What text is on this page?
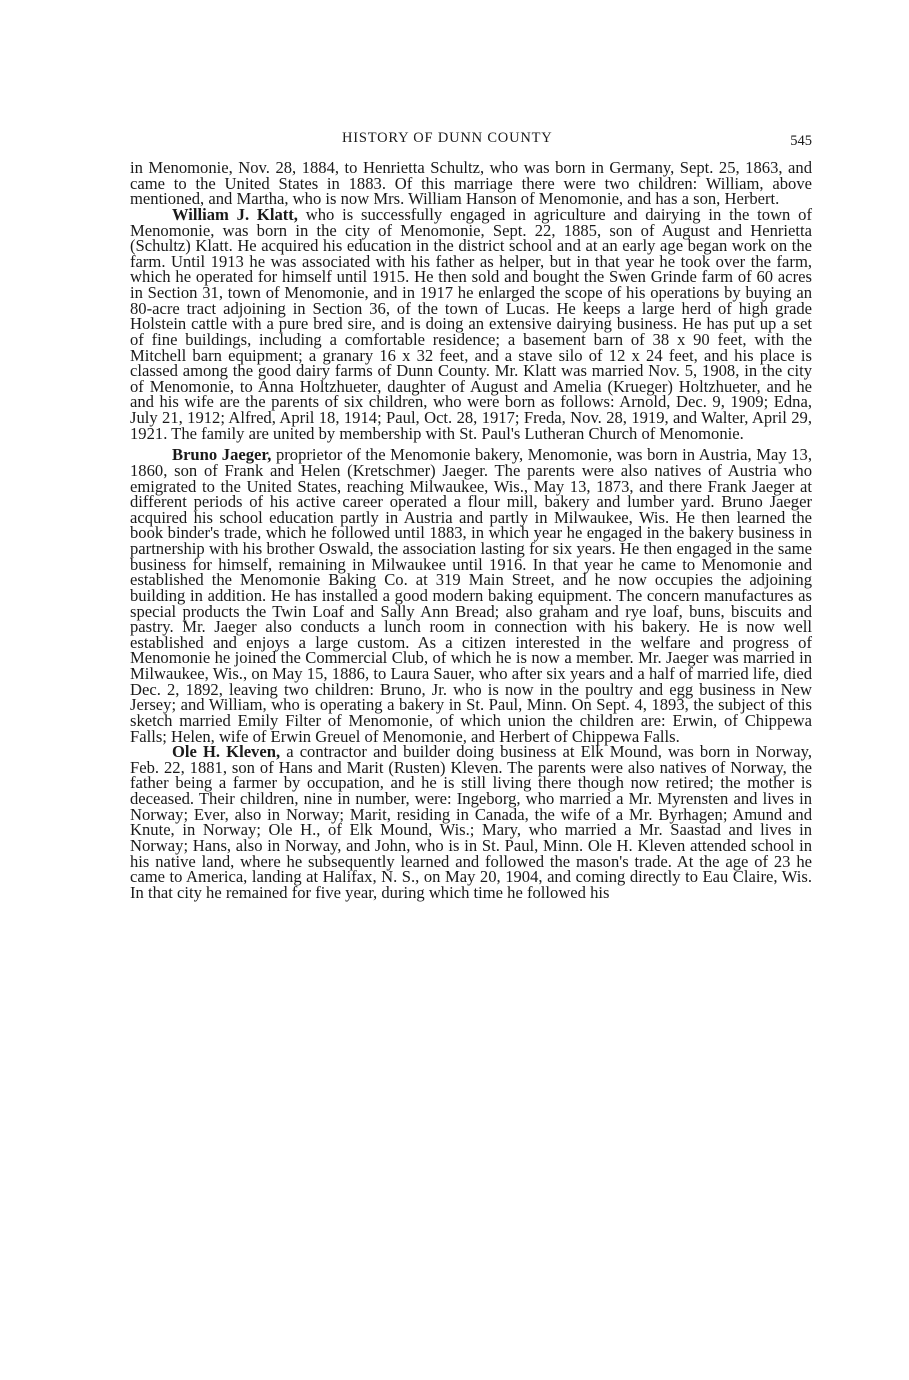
HISTORY OF DUNN COUNTY	545

in Menomonie, Nov. 28, 1884, to Henrietta Schultz, who was born in Germany, Sept. 25, 1863, and came to the United States in 1883. Of this marriage there were two children: William, above mentioned, and Martha, who is now Mrs. William Hanson of Menomonie, and has a son, Herbert.

William J. Klatt, who is successfully engaged in agriculture and dairying in the town of Menomonie, was born in the city of Menomonie, Sept. 22, 1885, son of August and Henrietta (Schultz) Klatt. He acquired his education in the district school and at an early age began work on the farm. Until 1913 he was associated with his father as helper, but in that year he took over the farm, which he operated for himself until 1915. He then sold and bought the Swen Grinde farm of 60 acres in Section 31, town of Menomonie, and in 1917 he enlarged the scope of his operations by buying an 80-acre tract adjoining in Section 36, of the town of Lucas. He keeps a large herd of high grade Holstein cattle with a pure bred sire, and is doing an extensive dairying business. He has put up a set of fine buildings, including a comfortable residence; a basement barn of 38 x 90 feet, with the Mitchell barn equipment; a granary 16 x 32 feet, and a stave silo of 12 x 24 feet, and his place is classed among the good dairy farms of Dunn County. Mr. Klatt was married Nov. 5, 1908, in the city of Menomonie, to Anna Holtzhueter, daughter of August and Amelia (Krueger) Holtzhueter, and he and his wife are the parents of six children, who were born as follows: Arnold, Dec. 9, 1909; Edna, July 21, 1912; Alfred, April 18, 1914; Paul, Oct. 28, 1917; Freda, Nov. 28, 1919, and Walter, April 29, 1921. The family are united by membership with St. Paul's Lutheran Church of Menomonie.

Bruno Jaeger, proprietor of the Menomonie bakery, Menomonie, was born in Austria, May 13, 1860, son of Frank and Helen (Kretschmer) Jaeger. The parents were also natives of Austria who emigrated to the United States, reaching Milwaukee, Wis., May 13, 1873, and there Frank Jaeger at different periods of his active career operated a flour mill, bakery and lumber yard. Bruno Jaeger acquired his school education partly in Austria and partly in Milwaukee, Wis. He then learned the book binder's trade, which he followed until 1883, in which year he engaged in the bakery business in partnership with his brother Oswald, the association lasting for six years. He then engaged in the same business for himself, remaining in Milwaukee until 1916. In that year he came to Menomonie and established the Menomonie Baking Co. at 319 Main Street, and he now occupies the adjoining building in addition. He has installed a good modern baking equipment. The concern manufactures as special products the Twin Loaf and Sally Ann Bread; also graham and rye loaf, buns, biscuits and pastry. Mr. Jaeger also conducts a lunch room in connection with his bakery. He is now well established and enjoys a large custom. As a citizen interested in the welfare and progress of Menomonie he joined the Commercial Club, of which he is now a member. Mr. Jaeger was married in Milwaukee, Wis., on May 15, 1886, to Laura Sauer, who after six years and a half of married life, died Dec. 2, 1892, leaving two children: Bruno, Jr. who is now in the poultry and egg business in New Jersey; and William, who is operating a bakery in St. Paul, Minn. On Sept. 4, 1893, the subject of this sketch married Emily Filter of Menomonie, of which union the children are: Erwin, of Chippewa Falls; Helen, wife of Erwin Greuel of Menomonie, and Herbert of Chippewa Falls.

Ole H. Kleven, a contractor and builder doing business at Elk Mound, was born in Norway, Feb. 22, 1881, son of Hans and Marit (Rusten) Kleven. The parents were also natives of Norway, the father being a farmer by occupation, and he is still living there though now retired; the mother is deceased. Their children, nine in number, were: Ingeborg, who married a Mr. Myrensten and lives in Norway; Ever, also in Norway; Marit, residing in Canada, the wife of a Mr. Byrhagen; Amund and Knute, in Norway; Ole H., of Elk Mound, Wis.; Mary, who married a Mr. Saastad and lives in Norway; Hans, also in Norway, and John, who is in St. Paul, Minn. Ole H. Kleven attended school in his native land, where he subsequently learned and followed the mason's trade. At the age of 23 he came to America, landing at Halifax, N. S., on May 20, 1904, and coming directly to Eau Claire, Wis. In that city he remained for five year, during which time he followed his
